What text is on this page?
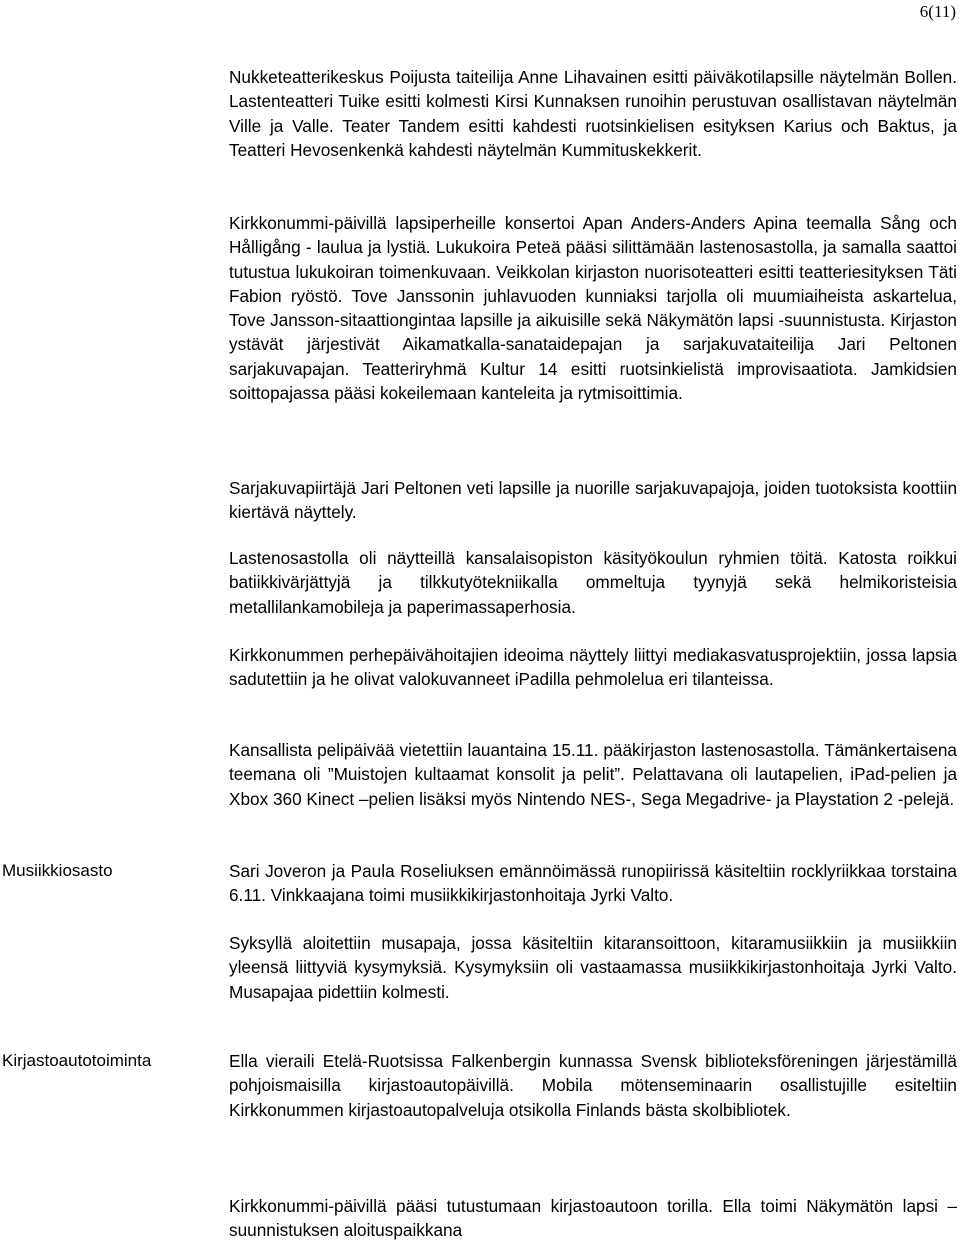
6(11)

Nukketeatterikeskus Poijusta taiteilija Anne Lihavainen esitti päiväkotilapsille näytelmän Bollen. Lastenteatteri Tuike esitti kolmesti Kirsi Kunnaksen runoihin perustuvan osallistavan näytelmän Ville ja Valle. Teater Tandem esitti kahdesti ruotsinkielisen esityksen Karius och Baktus, ja Teatteri Hevosenkenkä kahdesti näytelmän Kummituskekkerit.

Kirkkonummi-päivillä lapsiperheille konsertoi Apan Anders-Anders Apina teemalla Sång och Hålligång - laulua ja lystiä. Lukukoira Peteä pääsi silittämään lastenosastolla, ja samalla saattoi tutustua lukukoiran toimenkuvaan. Veikkolan kirjaston nuorisoteatteri esitti teatteriesityksen Täti Fabion ryöstö. Tove Janssonin juhlavuoden kunniaksi tarjolla oli muumiaiheista askartelua, Tove Jansson-sitaattiongintaa lapsille ja aikuisille sekä Näkymätön lapsi -suunnistusta. Kirjaston ystävät järjestivät Aikamatkalla-sanataidepajan ja sarjakuvataiteilija Jari Peltonen sarjakuvapajan. Teatteriryhmä Kultur 14 esitti ruotsinkielistä improvisaatiota. Jamkidsien soittopajassa pääsi kokeilemaan kanteleita ja rytmisoittimia.

Sarjakuvapiirtäjä Jari Peltonen veti lapsille ja nuorille sarjakuvapajoja, joiden tuotoksista koottiin kiertävä näyttely.

Lastenosastolla oli näytteillä kansalaisopiston käsityökoulun ryhmien töitä. Katosta roikkui batiikkivärjättyjä ja tilkkutyötekniikalla ommeltuja tyynyjä sekä helmikoristeisia metallilankamobileja ja paperimassaperhosia.

Kirkkonummen perhepäivähoitajien ideoima näyttely liittyi mediakasvatusprojektiin, jossa lapsia sadutettiin ja he olivat valokuvanneet iPadilla pehmolelua eri tilanteissa.

Kansallista pelipäivää vietettiin lauantaina 15.11. pääkirjaston lastenosastolla. Tämänkertaisena teemana oli ”Muistojen kultaamat konsolit ja pelit”. Pelattavana oli lautapelien, iPad-pelien ja Xbox 360 Kinect –pelien lisäksi myös Nintendo NES-, Sega Megadrive- ja Playstation 2 -pelejä.

Musiikkiosasto	Sari Joveron ja Paula Roseliuksen emännöimässä runopiirissä käsiteltiin rocklyriikkaa torstaina 6.11. Vinkkaajana toimi musiikkikirjastonhoitaja Jyrki Valto.

Syksyllä aloitettiin musapaja, jossa käsiteltiin kitaransoittoon, kitaramusiikkiin ja musiikkiin yleensä liittyviä kysymyksiä. Kysymyksiin oli vastaamassa musiikkikirjastonhoitaja Jyrki Valto. Musapajaa pidettiin kolmesti.

Kirjastoautotoiminta	Ella vieraili Etelä-Ruotsissa Falkenbergin kunnassa Svensk biblioteksföreningen järjestämillä pohjoismaisilla kirjastoautopäivillä. Mobila mötenseminaarin osallistujille esiteltiin Kirkkonummen kirjastoautopalveluja otsikolla Finlands bästa skolbibliotek.

Kirkkonummi-päivillä pääsi tutustumaan kirjastoautoon torilla. Ella toimi Näkymätön lapsi –suunnistuksen aloituspaikkana
